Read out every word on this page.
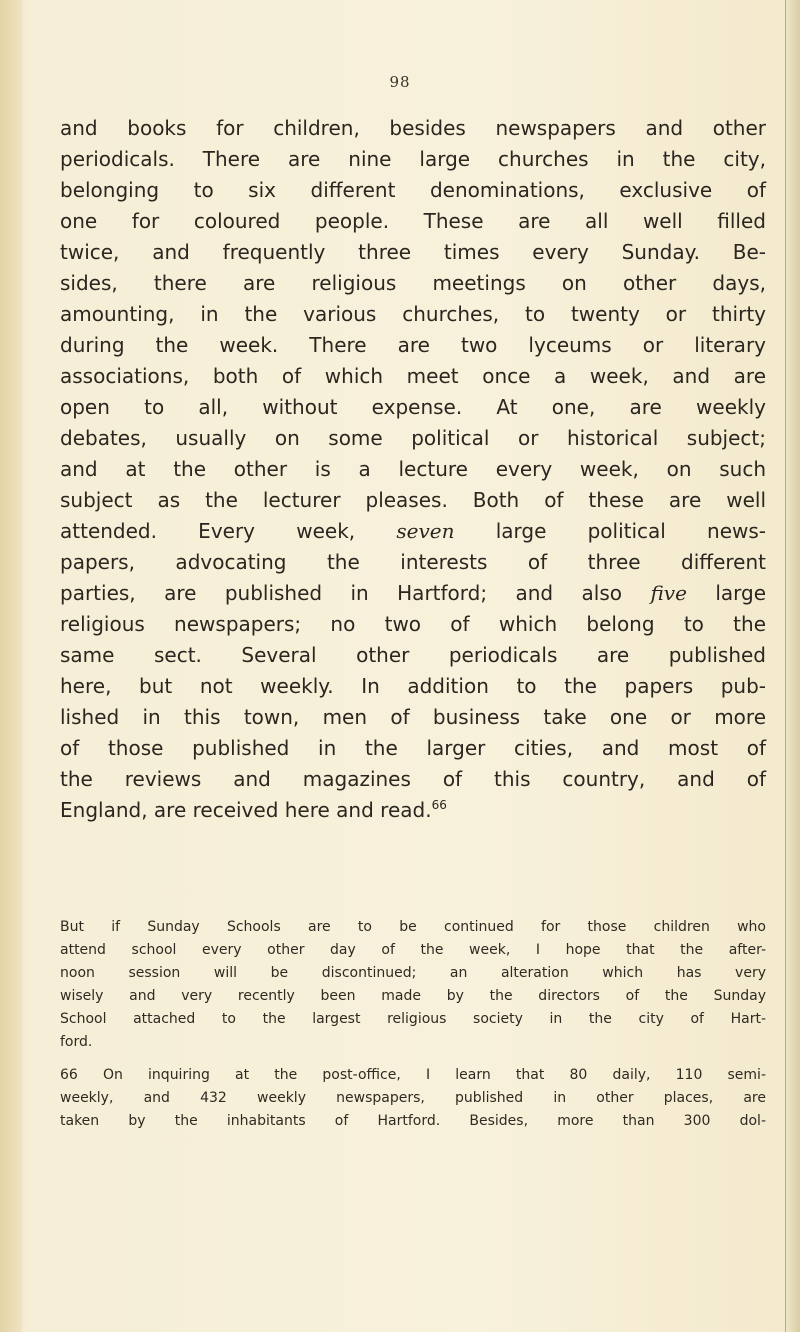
98
and books for children, besides newspapers and other
periodicals. There are nine large churches in the city,
belonging to six different denominations, exclusive of
one for coloured people. These are all well filled
twice, and frequently three times every Sunday. Be-
sides, there are religious meetings on other days,
amounting, in the various churches, to twenty or thirty
during the week. There are two lyceums or literary
associations, both of which meet once a week, and are
open to all, without expense. At one, are weekly
debates, usually on some political or historical subject;
and at the other is a lecture every week, on such
subject as the lecturer pleases. Both of these are well
attended. Every week, seven large political news-
papers, advocating the interests of three different
parties, are published in Hartford; and also five large
religious newspapers; no two of which belong to the
same sect. Several other periodicals are published
here, but not weekly. In addition to the papers pub-
lished in this town, men of business take one or more
of those published in the larger cities, and most of
the reviews and magazines of this country, and of
England, are received here and read.$^{66}$
But if Sunday Schools are to be continued for those children who
attend school every other day of the week, I hope that the after-
noon session will be discontinued; an alteration which has very
wisely and very recently been made by the directors of the Sunday
School attached to the largest religious society in the city of Hart-
ford.
66 On inquiring at the post-office, I learn that 80 daily, 110 semi-
weekly, and 432 weekly newspapers, published in other places, are
taken by the inhabitants of Hartford. Besides, more than 300 dol-
